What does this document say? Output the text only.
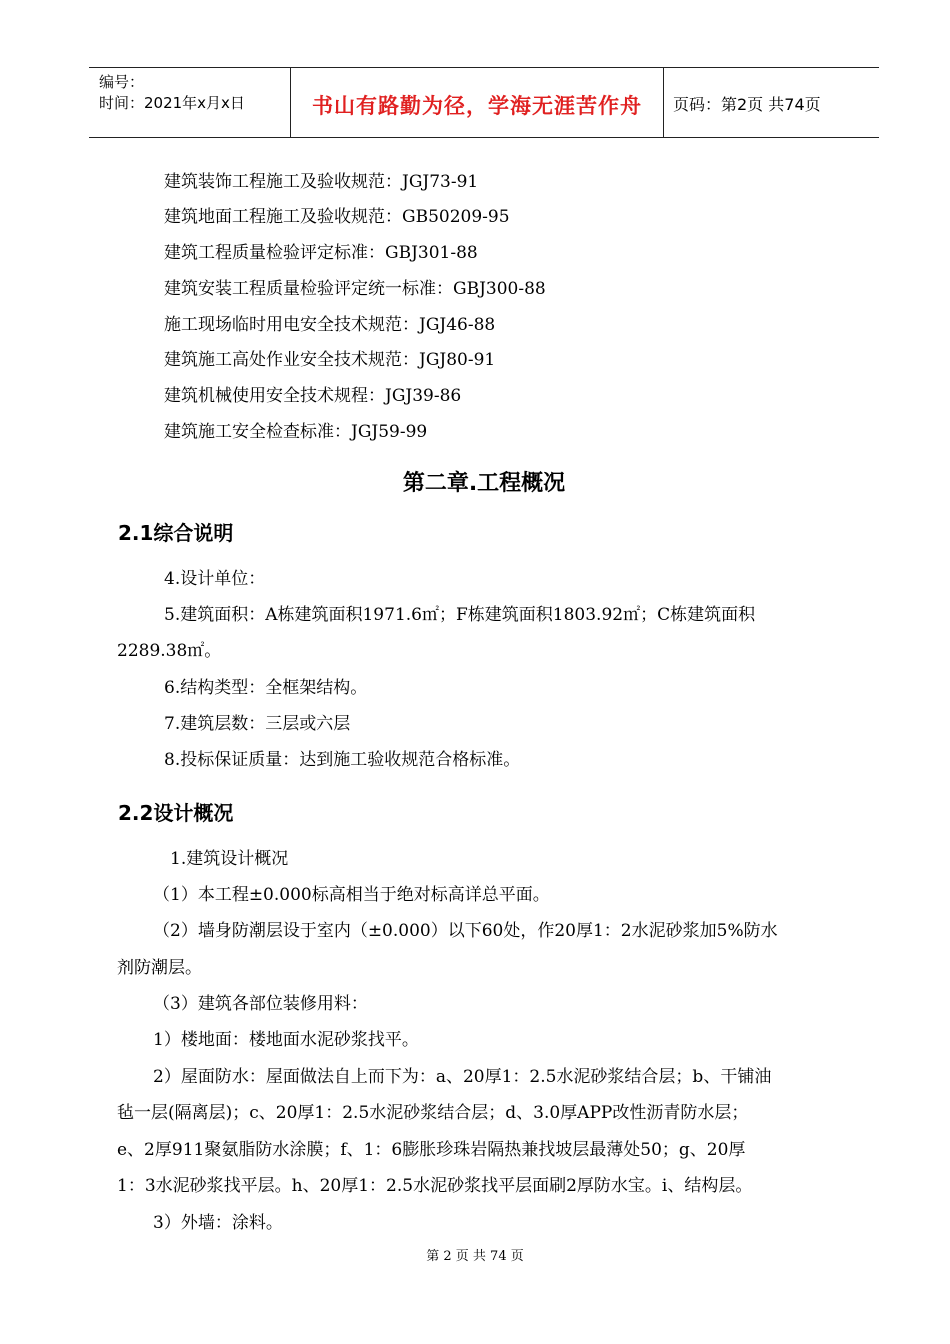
编号：
时间：2021年x月x日	书山有路勤为径，学海无涯苦作舟	页码：第2页 共74页
建筑装饰工程施工及验收规范：JGJ73-91
建筑地面工程施工及验收规范：GB50209-95
建筑工程质量检验评定标准：GBJ301-88
建筑安装工程质量检验评定统一标准：GBJ300-88
施工现场临时用电安全技术规范：JGJ46-88
建筑施工高处作业安全技术规范：JGJ80-91
建筑机械使用安全技术规程：JGJ39-86
建筑施工安全检查标准：JGJ59-99
第二章.工程概况
2.1综合说明
4.设计单位：
5.建筑面积：A栋建筑面积1971.6㎡；F栋建筑面积1803.92㎡；C栋建筑面积
2289.38㎡。
6.结构类型：全框架结构。
7.建筑层数：三层或六层
8.投标保证质量：达到施工验收规范合格标准。
2.2设计概况
1.建筑设计概况
（1）本工程±0.000标高相当于绝对标高详总平面。
（2）墙身防潮层设于室内（±0.000）以下60处，作20厚1：2水泥砂浆加5%防水
剂防潮层。
（3）建筑各部位装修用料：
1）楼地面：楼地面水泥砂浆找平。
2）屋面防水：屋面做法自上而下为：a、20厚1：2.5水泥砂浆结合层；b、干铺油
毡一层(隔离层)；c、20厚1：2.5水泥砂浆结合层；d、3.0厚APP改性沥青防水层；
e、2厚911聚氨脂防水涂膜；f、1：6膨胀珍珠岩隔热兼找坡层最薄处50；g、20厚
1：3水泥砂浆找平层。h、20厚1：2.5水泥砂浆找平层面刷2厚防水宝。i、结构层。
3）外墙：涂料。
第 2 页 共 74 页
